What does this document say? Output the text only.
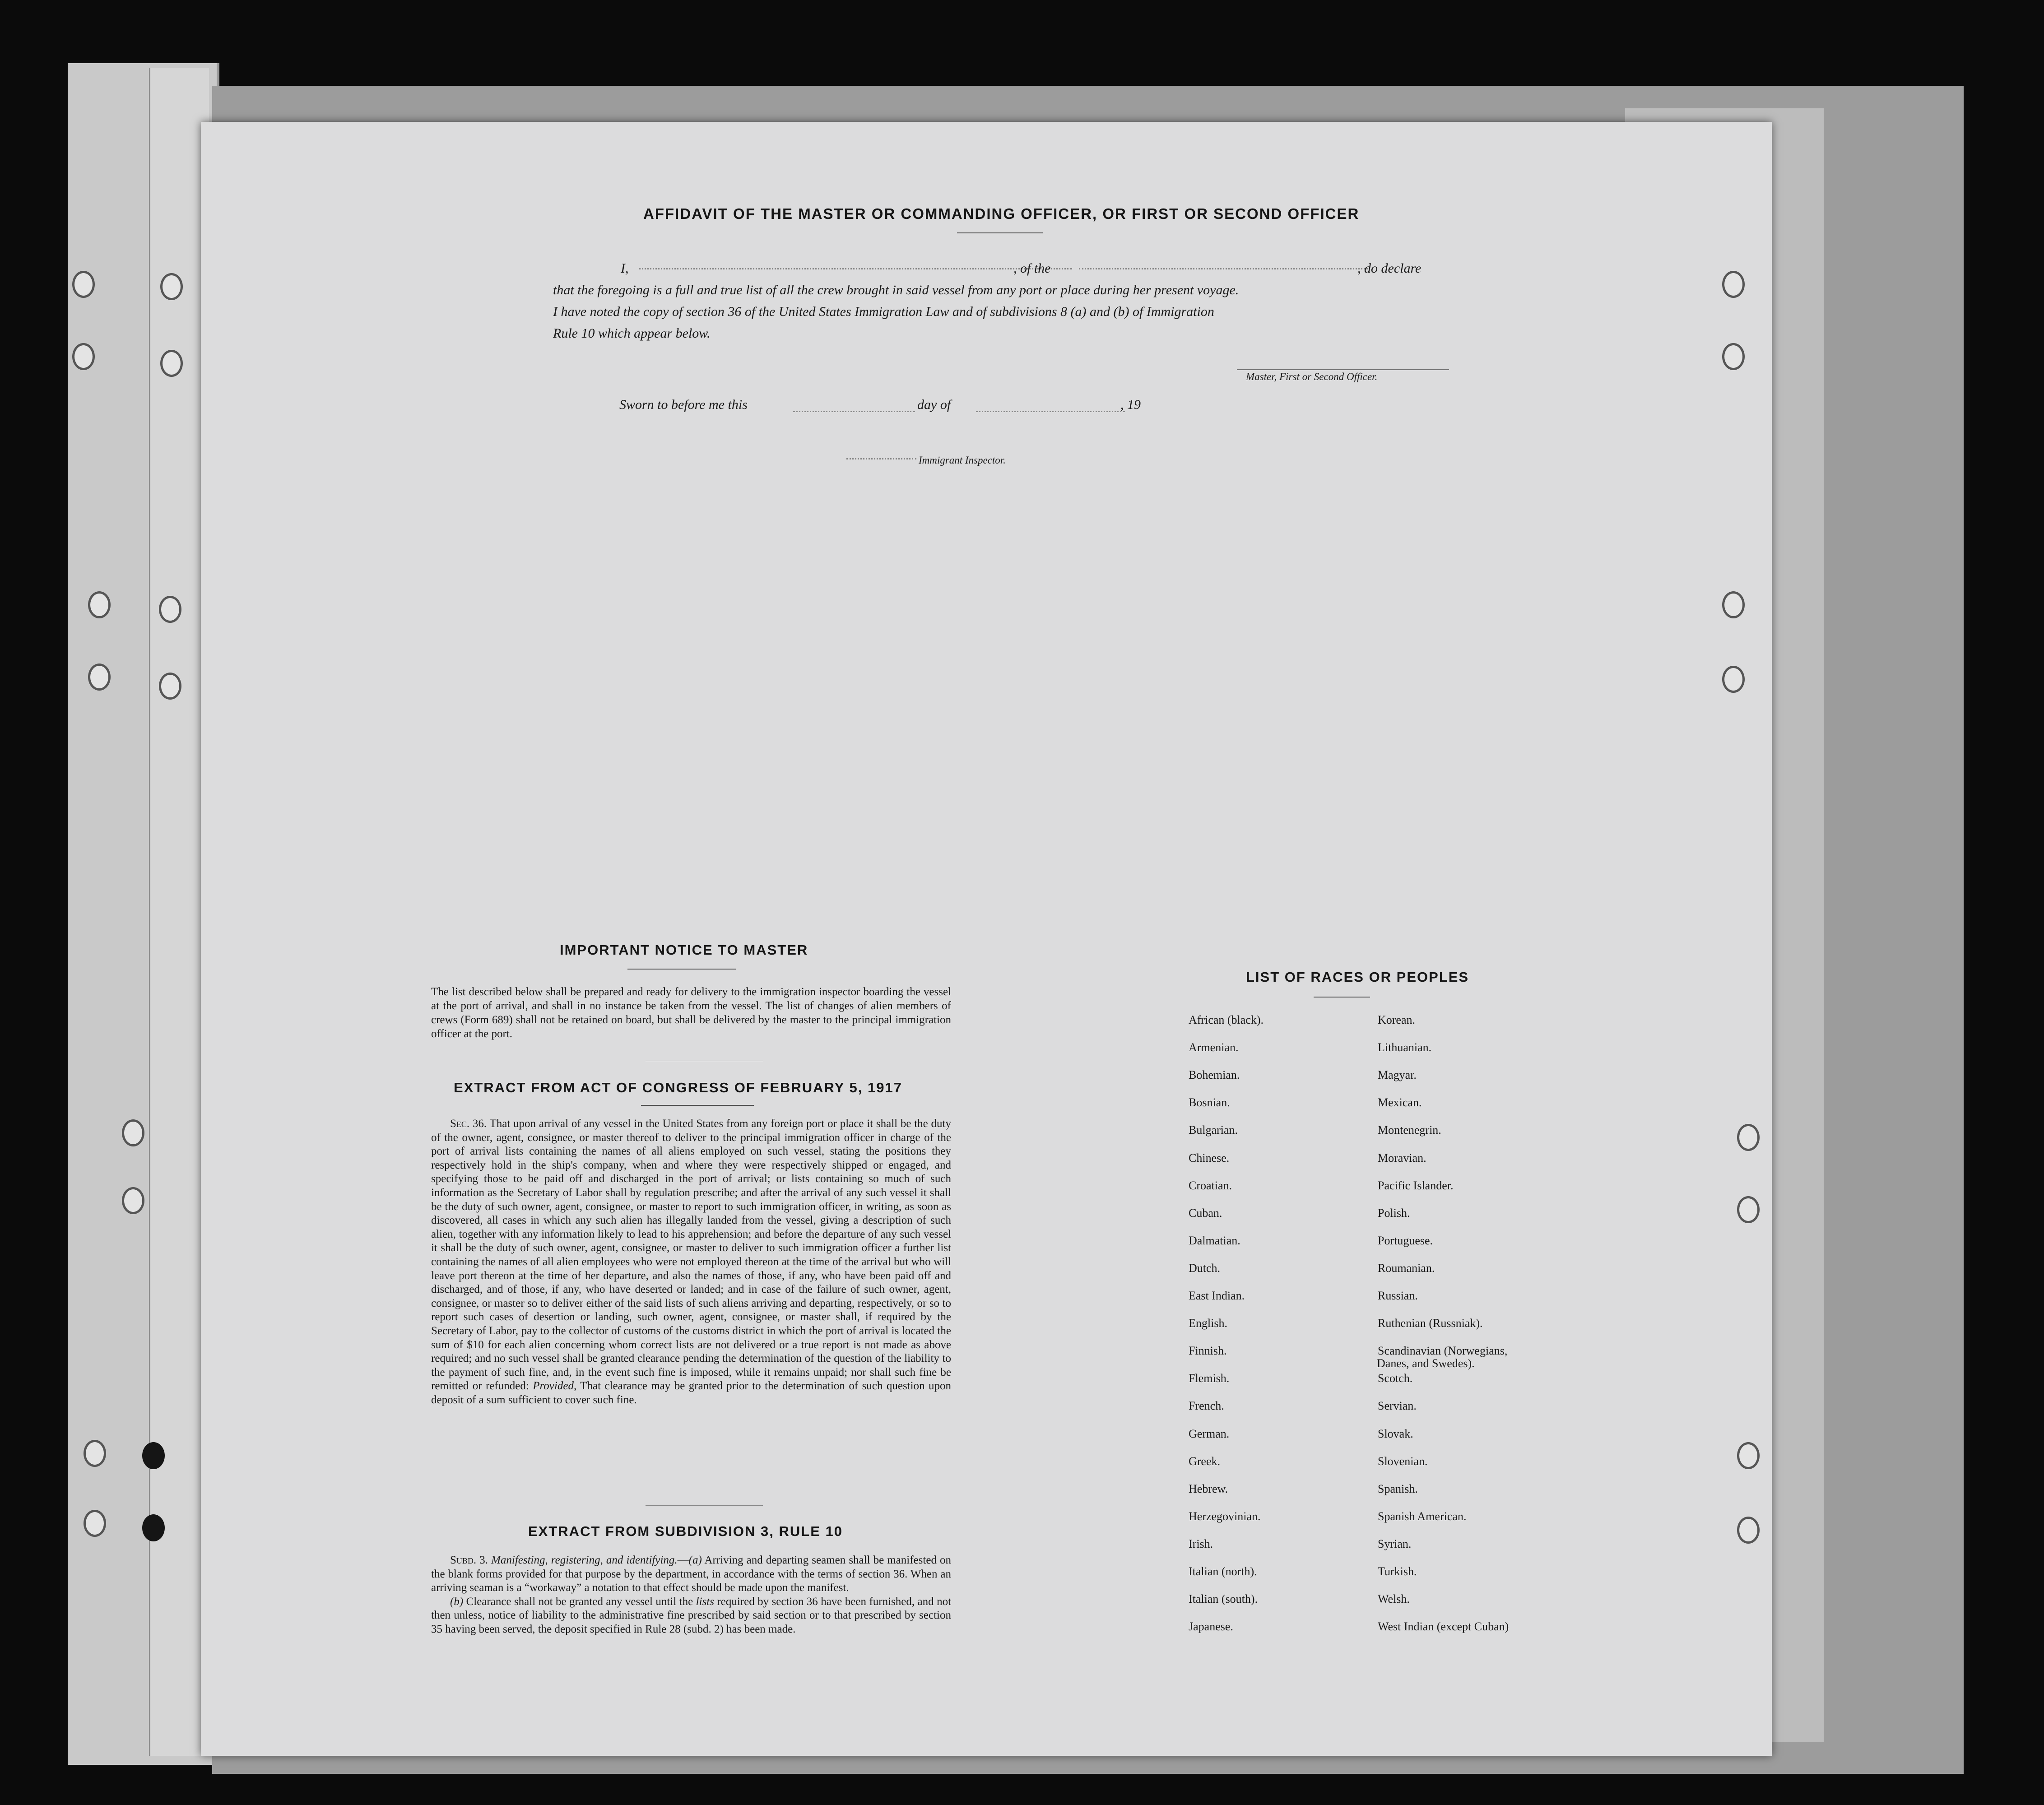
AFFIDAVIT OF THE MASTER OR COMMANDING OFFICER, OR FIRST OR SECOND OFFICER
I,	, of the	, do declare
that the foregoing is a full and true list of all the crew brought in said vessel from any port or place during her present voyage.
I have noted the copy of section 36 of the United States Immigration Law and of subdivisions 8 (a) and (b) of Immigration
Rule 10 which appear below.
Master, First or Second Officer.
Sworn to before me this	day of	, 19
Immigrant Inspector.
IMPORTANT NOTICE TO MASTER
The list described below shall be prepared and ready for delivery to the immigration inspector boarding the vessel at the port of arrival, and shall in no instance be taken from the vessel. The list of changes of alien members of crews (Form 689) shall not be retained on board, but shall be delivered by the master to the principal immigration officer at the port.
EXTRACT FROM ACT OF CONGRESS OF FEBRUARY 5, 1917
Sec. 36. That upon arrival of any vessel in the United States from any foreign port or place it shall be the duty of the owner, agent, consignee, or master thereof to deliver to the principal immigration officer in charge of the port of arrival lists containing the names of all aliens employed on such vessel, stating the positions they respectively hold in the ship's company, when and where they were respectively shipped or engaged, and specifying those to be paid off and discharged in the port of arrival; or lists containing so much of such information as the Secretary of Labor shall by regulation prescribe; and after the arrival of any such vessel it shall be the duty of such owner, agent, consignee, or master to report to such immigration officer, in writing, as soon as discovered, all cases in which any such alien has illegally landed from the vessel, giving a description of such alien, together with any information likely to lead to his apprehension; and before the departure of any such vessel it shall be the duty of such owner, agent, consignee, or master to deliver to such immigration officer a further list containing the names of all alien employees who were not employed thereon at the time of the arrival but who will leave port thereon at the time of her departure, and also the names of those, if any, who have been paid off and discharged, and of those, if any, who have deserted or landed; and in case of the failure of such owner, agent, consignee, or master so to deliver either of the said lists of such aliens arriving and departing, respectively, or so to report such cases of desertion or landing, such owner, agent, consignee, or master shall, if required by the Secretary of Labor, pay to the collector of customs of the customs district in which the port of arrival is located the sum of $10 for each alien concerning whom correct lists are not delivered or a true report is not made as above required; and no such vessel shall be granted clearance pending the determination of the question of the liability to the payment of such fine, and, in the event such fine is imposed, while it remains unpaid; nor shall such fine be remitted or refunded: Provided, That clearance may be granted prior to the determination of such question upon deposit of a sum sufficient to cover such fine.
EXTRACT FROM SUBDIVISION 3, RULE 10

Subd. 3. Manifesting, registering, and identifying.—(a) Arriving and departing seamen shall be manifested on the blank forms provided for that purpose by the department, in accordance with the terms of section 36. When an arriving seaman is a “workaway” a notation to that effect should be made upon the manifest.

(b) Clearance shall not be granted any vessel until the lists required by section 36 have been furnished, and not then unless, notice of liability to the administrative fine prescribed by said section or to that prescribed by section 35 having been served, the deposit specified in Rule 28 (subd. 2) has been made.

LIST OF RACES OR PEOPLES
African (black).
Armenian.
Bohemian.
Bosnian.
Bulgarian.
Chinese.
Croatian.
Cuban.
Dalmatian.
Dutch.
East Indian.
English.
Finnish.
Flemish.
French.
German.
Greek.
Hebrew.
Herzegovinian.
Irish.
Italian (north).
Italian (south).
Japanese.
Korean.
Lithuanian.
Magyar.
Mexican.
Montenegrin.
Moravian.
Pacific Islander.
Polish.
Portuguese.
Roumanian.
Russian.
Ruthenian (Russniak).
Scandinavian (Norwegians,
Danes, and Swedes).
Scotch.
Servian.
Slovak.
Slovenian.
Spanish.
Spanish American.
Syrian.
Turkish.
Welsh.
West Indian (except Cuban)
